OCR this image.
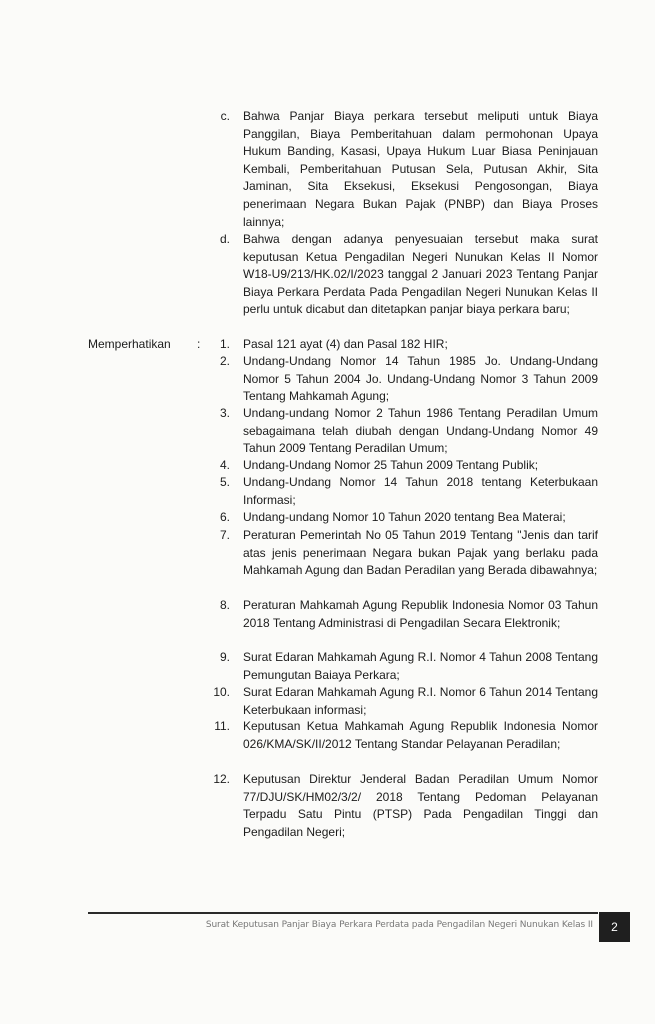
c. Bahwa Panjar Biaya perkara tersebut meliputi untuk Biaya Panggilan, Biaya Pemberitahuan dalam permohonan Upaya Hukum Banding, Kasasi, Upaya Hukum Luar Biasa Peninjauan Kembali, Pemberitahuan Putusan Sela, Putusan Akhir, Sita Jaminan, Sita Eksekusi, Eksekusi Pengosongan, Biaya penerimaan Negara Bukan Pajak (PNBP) dan Biaya Proses lainnya;

d. Bahwa dengan adanya penyesuaian tersebut maka surat keputusan Ketua Pengadilan Negeri Nunukan Kelas II Nomor W18-U9/213/HK.02/I/2023 tanggal 2 Januari 2023 Tentang Panjar Biaya Perkara Perdata Pada Pengadilan Negeri Nunukan Kelas II perlu untuk dicabut dan ditetapkan panjar biaya perkara baru;

Memperhatikan :	1. Pasal 121 ayat (4) dan Pasal 182 HIR;

2. Undang-Undang Nomor 14 Tahun 1985 Jo. Undang-Undang Nomor 5 Tahun 2004 Jo. Undang-Undang Nomor 3 Tahun 2009 Tentang Mahkamah Agung;

3. Undang-undang Nomor 2 Tahun 1986 Tentang Peradilan Umum sebagaimana telah diubah dengan Undang-Undang Nomor 49 Tahun 2009 Tentang Peradilan Umum;

4. Undang-Undang Nomor 25 Tahun 2009 Tentang Publik;

5. Undang-Undang Nomor 14 Tahun 2018 tentang Keterbukaan Informasi;

6. Undang-undang Nomor 10 Tahun 2020 tentang Bea Materai;

7. Peraturan Pemerintah No 05 Tahun 2019 Tentang "Jenis dan tarif atas jenis penerimaan Negara bukan Pajak yang berlaku pada Mahkamah Agung dan Badan Peradilan yang Berada dibawahnya;

8. Peraturan Mahkamah Agung Republik Indonesia Nomor 03 Tahun 2018 Tentang Administrasi di Pengadilan Secara Elektronik;

9. Surat Edaran Mahkamah Agung R.I. Nomor 4 Tahun 2008 Tentang Pemungutan Baiaya Perkara;

10. Surat Edaran Mahkamah Agung R.I. Nomor 6 Tahun 2014 Tentang Keterbukaan informasi;

11. Keputusan Ketua Mahkamah Agung Republik Indonesia Nomor 026/KMA/SK/II/2012 Tentang Standar Pelayanan Peradilan;

12. Keputusan Direktur Jenderal Badan Peradilan Umum Nomor 77/DJU/SK/HM02/3/2/ 2018 Tentang Pedoman Pelayanan Terpadu Satu Pintu (PTSP) Pada Pengadilan Tinggi dan Pengadilan Negeri;

Surat Keputusan Panjar Biaya Perkara Perdata pada Pengadilan Negeri Nunukan Kelas II	2
